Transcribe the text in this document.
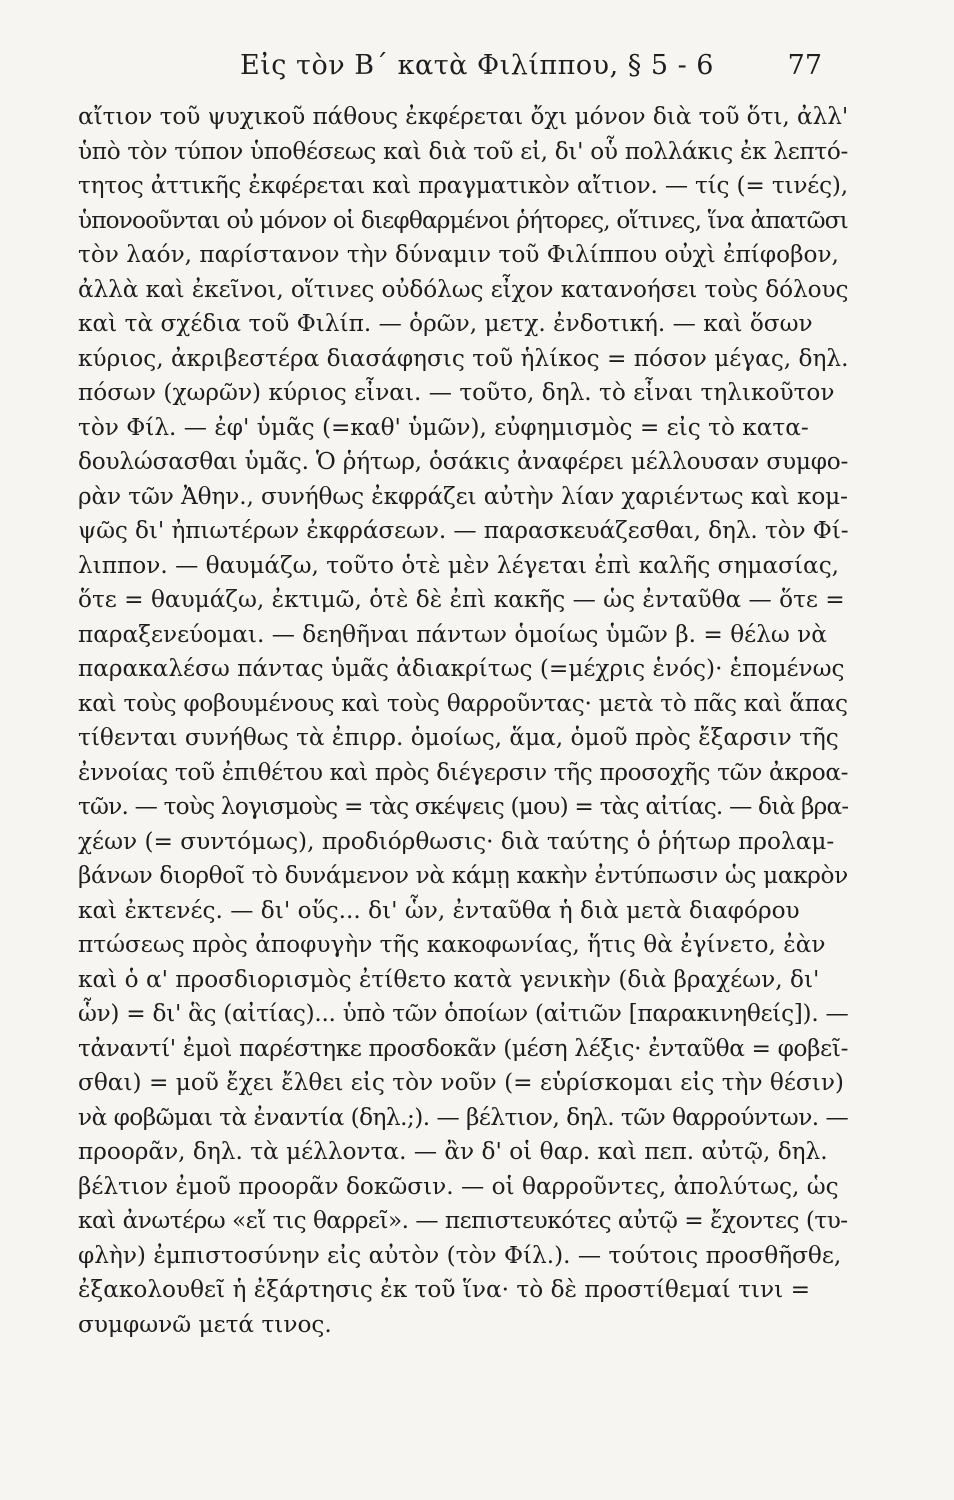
Εἰς τὸν Β΄ κατὰ Φιλίππου, § 5 - 6	77
αἴτιον τοῦ ψυχικοῦ πάθους ἐκφέρεται ὄχι μόνον διὰ τοῦ ὅτι, ἀλλ'
ὑπὸ τὸν τύπον ὑποθέσεως καὶ διὰ τοῦ εἰ, δι' οὗ πολλάκις ἐκ λεπτό-
τητος ἀττικῆς ἐκφέρεται καὶ πραγματικὸν αἴτιον. — τίς (= τινές),
ὑπονοοῦνται οὐ μόνον οἱ διεφθαρμένοι ῥήτορες, οἵτινες, ἵνα ἀπατῶσι
τὸν λαόν, παρίστανον τὴν δύναμιν τοῦ Φιλίππου οὐχὶ ἐπίφοβον,
ἀλλὰ καὶ ἐκεῖνοι, οἵτινες οὐδόλως εἶχον κατανοήσει τοὺς δόλους
καὶ τὰ σχέδια τοῦ Φιλίπ. — ὁρῶν, μετχ. ἐνδοτική. — καὶ ὅσων
κύριος, ἀκριβεστέρα διασάφησις τοῦ ἡλίκος = πόσον μέγας, δηλ.
πόσων (χωρῶν) κύριος εἶναι. — τοῦτο, δηλ. τὸ εἶναι τηλικοῦτον
τὸν Φίλ. — ἐφ' ὑμᾶς (=καθ' ὑμῶν), εὐφημισμὸς = εἰς τὸ κατα-
δουλώσασθαι ὑμᾶς. Ὁ ῥήτωρ, ὁσάκις ἀναφέρει μέλλουσαν συμφο-
ρὰν τῶν Ἀθην., συνήθως ἐκφράζει αὐτὴν λίαν χαριέντως καὶ κομ-
ψῶς δι' ἠπιωτέρων ἐκφράσεων. — παρασκευάζεσθαι, δηλ. τὸν Φί-
λιππον. — θαυμάζω, τοῦτο ὁτὲ μὲν λέγεται ἐπὶ καλῆς σημασίας,
ὅτε = θαυμάζω, ἐκτιμῶ, ὁτὲ δὲ ἐπὶ κακῆς — ὡς ἐνταῦθα — ὅτε =
παραξενεύομαι. — δεηθῆναι πάντων ὁμοίως ὑμῶν β. = θέλω νὰ
παρακαλέσω πάντας ὑμᾶς ἀδιακρίτως (=μέχρις ἑνός)· ἑπομένως
καὶ τοὺς φοβουμένους καὶ τοὺς θαρροῦντας· μετὰ τὸ πᾶς καὶ ἅπας
τίθενται συνήθως τὰ ἐπιρρ. ὁμοίως, ἅμα, ὁμοῦ πρὸς ἔξαρσιν τῆς
ἐννοίας τοῦ ἐπιθέτου καὶ πρὸς διέγερσιν τῆς προσοχῆς τῶν ἀκροα-
τῶν. — τοὺς λογισμοὺς = τὰς σκέψεις (μου) = τὰς αἰτίας. — διὰ βρα-
χέων (= συντόμως), προδιόρθωσις· διὰ ταύτης ὁ ῥήτωρ προλαμ-
βάνων διορθοῖ τὸ δυνάμενον νὰ κάμῃ κακὴν ἐντύπωσιν ὡς μακρὸν
καὶ ἐκτενές. — δι' οὕς... δι' ὧν, ἐνταῦθα ἡ διὰ μετὰ διαφόρου
πτώσεως πρὸς ἀποφυγὴν τῆς κακοφωνίας, ἥτις θὰ ἐγίνετο, ἐὰν
καὶ ὁ α' προσδιορισμὸς ἐτίθετο κατὰ γενικὴν (διὰ βραχέων, δι'
ὧν) = δι' ἃς (αἰτίας)... ὑπὸ τῶν ὁποίων (αἰτιῶν [παρακινηθείς]). —
τἀναντί' ἐμοὶ παρέστηκε προσδοκᾶν (μέση λέξις· ἐνταῦθα = φοβεῖ-
σθαι) = μοῦ ἔχει ἔλθει εἰς τὸν νοῦν (= εὑρίσκομαι εἰς τὴν θέσιν)
νὰ φοβῶμαι τὰ ἐναντία (δηλ.;). — βέλτιον, δηλ. τῶν θαρρούντων. —
προορᾶν, δηλ. τὰ μέλλοντα. — ἂν δ' οἱ θαρ. καὶ πεπ. αὐτῷ, δηλ.
βέλτιον ἐμοῦ προορᾶν δοκῶσιν. — οἱ θαρροῦντες, ἀπολύτως, ὡς
καὶ ἀνωτέρω «εἴ τις θαρρεῖ». — πεπιστευκότες αὐτῷ = ἔχοντες (τυ-
φλὴν) ἐμπιστοσύνην εἰς αὐτὸν (τὸν Φίλ.). — τούτοις προσθῆσθε,
ἐξακολουθεῖ ἡ ἐξάρτησις ἐκ τοῦ ἵνα· τὸ δὲ προστίθεμαί τινι =
συμφωνῶ μετά τινος.
